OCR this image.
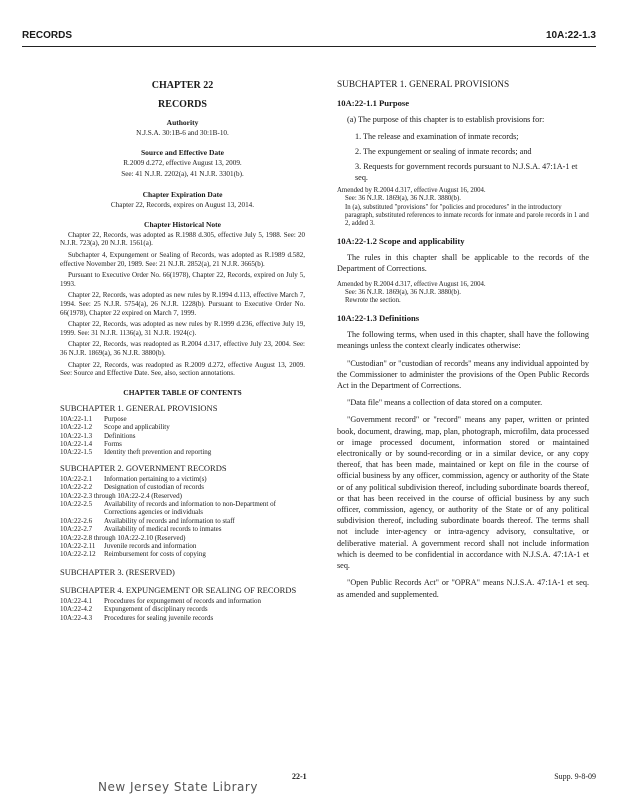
RECORDS	10A:22-1.3
CHAPTER 22
RECORDS
Authority
N.J.S.A. 30:1B-6 and 30:1B-10.
Source and Effective Date
R.2009 d.272, effective August 13, 2009.
See: 41 N.J.R. 2202(a), 41 N.J.R. 3301(b).
Chapter Expiration Date
Chapter 22, Records, expires on August 13, 2014.
Chapter Historical Note

Chapter 22, Records, was adopted as R.1988 d.305, effective July 5, 1988. See: 20 N.J.R. 723(a), 20 N.J.R. 1561(a).

Subchapter 4, Expungement or Sealing of Records, was adopted as R.1989 d.582, effective November 20, 1989. See: 21 N.J.R. 2852(a), 21 N.J.R. 3665(b).

Pursuant to Executive Order No. 66(1978), Chapter 22, Records, expired on July 5, 1993.

Chapter 22, Records, was adopted as new rules by R.1994 d.113, effective March 7, 1994. See: 25 N.J.R. 5754(a), 26 N.J.R. 1228(b). Pursuant to Executive Order No. 66(1978), Chapter 22 expired on March 7, 1999.

Chapter 22, Records, was adopted as new rules by R.1999 d.236, effective July 19, 1999. See: 31 N.J.R. 1136(a), 31 N.J.R. 1924(c).

Chapter 22, Records, was readopted as R.2004 d.317, effective July 23, 2004. See: 36 N.J.R. 1869(a), 36 N.J.R. 3880(b).

Chapter 22, Records, was readopted as R.2009 d.272, effective August 13, 2009. See: Source and Effective Date. See, also, section annotations.

CHAPTER TABLE OF CONTENTS
SUBCHAPTER 1. GENERAL PROVISIONS
10A:22-1.1	Purpose
10A:22-1.2	Scope and applicability
10A:22-1.3	Definitions
10A:22-1.4	Forms
10A:22-1.5	Identity theft prevention and reporting
SUBCHAPTER 2. GOVERNMENT RECORDS
10A:22-2.1	Information pertaining to a victim(s)
10A:22-2.2	Designation of custodian of records
10A:22-2.3 through 10A:22-2.4 (Reserved)
10A:22-2.5	Availability of records and information to non-Department of Corrections agencies or individuals
10A:22-2.6	Availability of records and information to staff
10A:22-2.7	Availability of medical records to inmates
10A:22-2.8 through 10A:22-2.10 (Reserved)
10A:22-2.11	Juvenile records and information
10A:22-2.12	Reimbursement for costs of copying
SUBCHAPTER 3. (RESERVED)
SUBCHAPTER 4. EXPUNGEMENT OR SEALING OF RECORDS
10A:22-4.1	Procedures for expungement of records and information
10A:22-4.2	Expungement of disciplinary records
10A:22-4.3	Procedures for sealing juvenile records
SUBCHAPTER 1. GENERAL PROVISIONS
10A:22-1.1 Purpose

(a) The purpose of this chapter is to establish provisions for:

1. The release and examination of inmate records;

2. The expungement or sealing of inmate records; and

3. Requests for government records pursuant to N.J.S.A. 47:1A-1 et seq.

Amended by R.2004 d.317, effective August 16, 2004.
See: 36 N.J.R. 1869(a), 36 N.J.R. 3880(b).
In (a), substituted "provisions" for "policies and procedures" in the introductory paragraph, substituted references to inmate records for inmate and parole records in 1 and 2, added 3.
10A:22-1.2 Scope and applicability

The rules in this chapter shall be applicable to the records of the Department of Corrections.

Amended by R.2004 d.317, effective August 16, 2004.
See: 36 N.J.R. 1869(a), 36 N.J.R. 3880(b).
Rewrote the section.
10A:22-1.3 Definitions

The following terms, when used in this chapter, shall have the following meanings unless the context clearly indicates otherwise:

"Custodian" or "custodian of records" means any individual appointed by the Commissioner to administer the provisions of the Open Public Records Act in the Department of Corrections.

"Data file" means a collection of data stored on a computer.

"Government record" or "record" means any paper, written or printed book, document, drawing, map, plan, photograph, microfilm, data processed or image processed document, information stored or maintained electronically or by sound-recording or in a similar device, or any copy thereof, that has been made, maintained or kept on file in the course of official business by any officer, commission, agency or authority of the State or of any political subdivision thereof, including subordinate boards thereof, or that has been received in the course of official business by any such officer, commission, agency, or authority of the State or of any political subdivision thereof, including subordinate boards thereof. The terms shall not include inter-agency or intra-agency advisory, consultative, or deliberative material. A government record shall not include information which is deemed to be confidential in accordance with N.J.S.A. 47:1A-1 et seq.

"Open Public Records Act" or "OPRA" means N.J.S.A. 47:1A-1 et seq. as amended and supplemented.

22-1	Supp. 9-8-09
New Jersey State Library
